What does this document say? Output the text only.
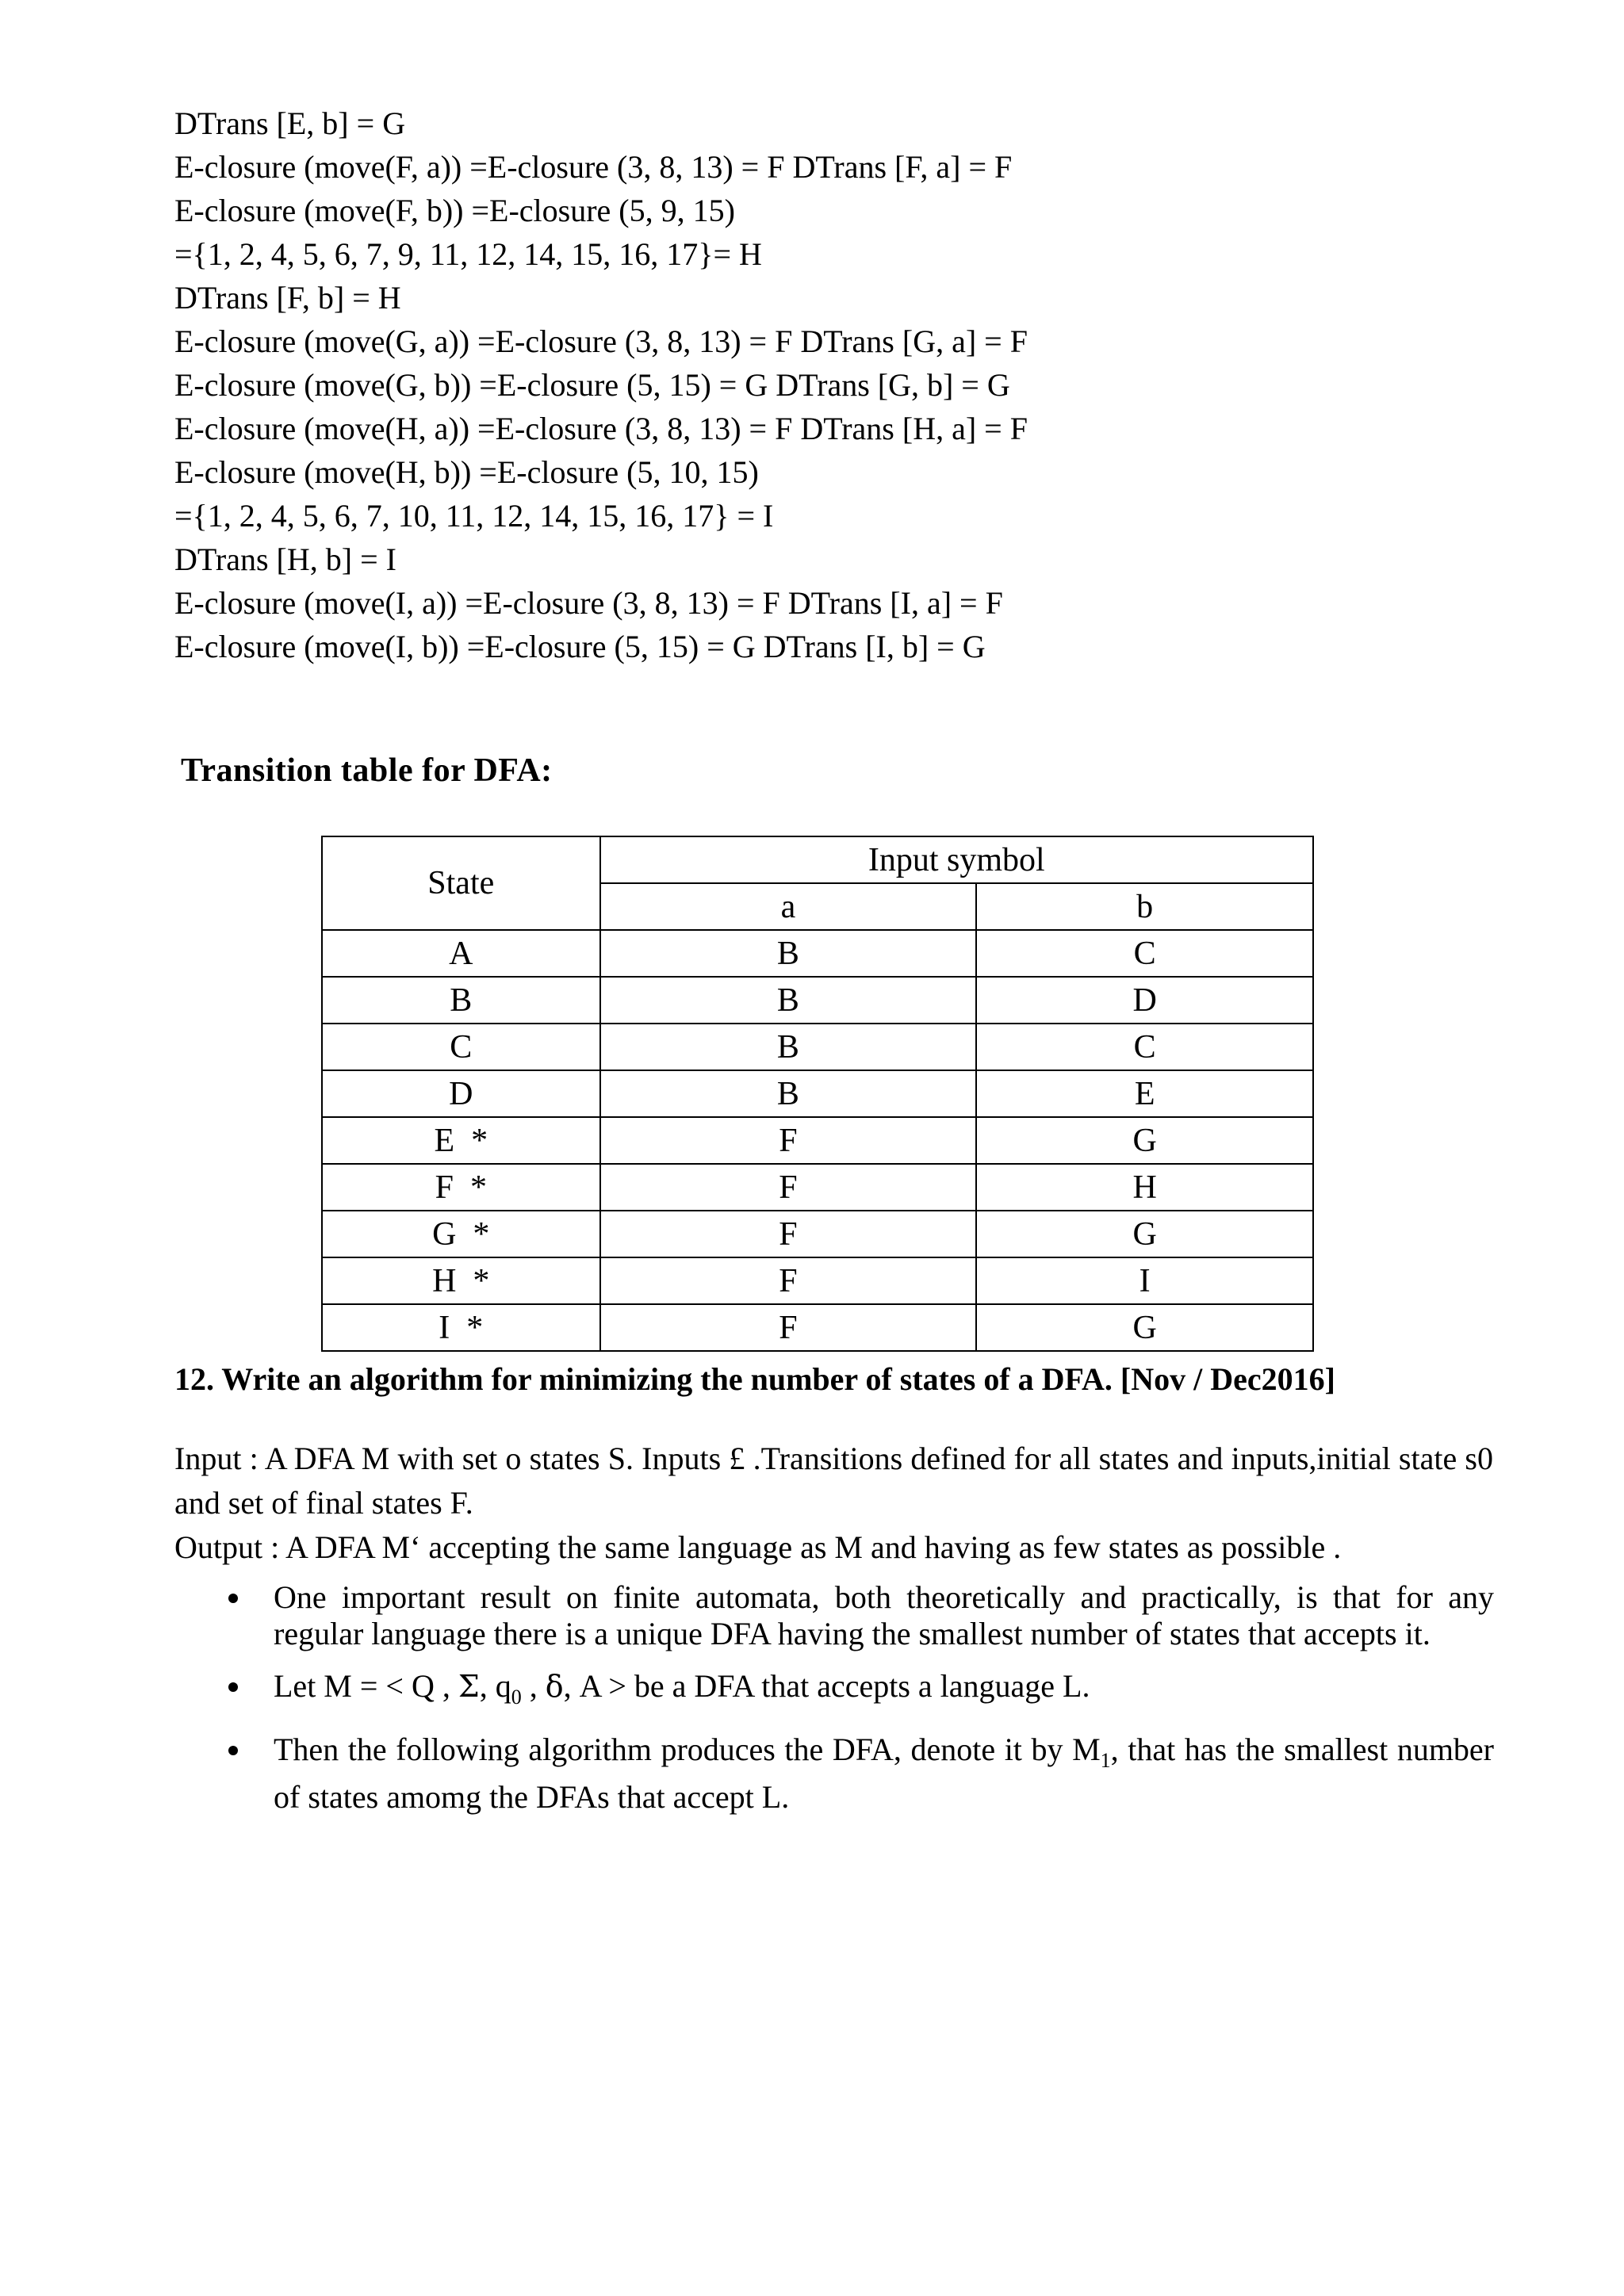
DTrans [E, b] = G
E-closure (move(F, a)) =E-closure (3, 8, 13) = F DTrans [F, a] = F
E-closure (move(F, b)) =E-closure (5, 9, 15)
={1, 2, 4, 5, 6, 7, 9, 11, 12, 14, 15, 16, 17}= H
DTrans [F, b] = H
E-closure (move(G, a)) =E-closure (3, 8, 13) = F DTrans [G, a] = F
E-closure (move(G, b)) =E-closure (5, 15) = G DTrans [G, b] = G
E-closure (move(H, a)) =E-closure (3, 8, 13) = F DTrans [H, a] = F
E-closure (move(H, b)) =E-closure (5, 10, 15)
={1, 2, 4, 5, 6, 7, 10, 11, 12, 14, 15, 16, 17} = I
DTrans [H, b] = I
E-closure (move(I, a)) =E-closure (3, 8, 13) = F DTrans [I, a] = F
E-closure (move(I, b)) =E-closure (5, 15) = G DTrans [I, b] = G
Transition table for DFA:
State	Input symbol	
	a	b
A	B	C
B	B	D
C	B	C
D	B	E
E  *	F	G
F  *	F	H
G  *	F	G
H  *	F	I
I  *	F	G
12. Write an algorithm for minimizing the number of states of a DFA. [Nov / Dec2016]
Input : A DFA M with set o states S. Inputs £ .Transitions defined for all states and inputs,initial state s0 and set of final states F.
Output : A DFA M‘ accepting the same language as M and having as few states as possible .
One important result on finite automata, both theoretically and practically, is that for any regular language there is a unique DFA having the smallest number of states that accepts it.
Let M = < Q , Σ, $q_0$ , δ, A > be a DFA that accepts a language L.
Then the following algorithm produces the DFA, denote it by $M_1$, that has the smallest number of states amomg the DFAs that accept L.
